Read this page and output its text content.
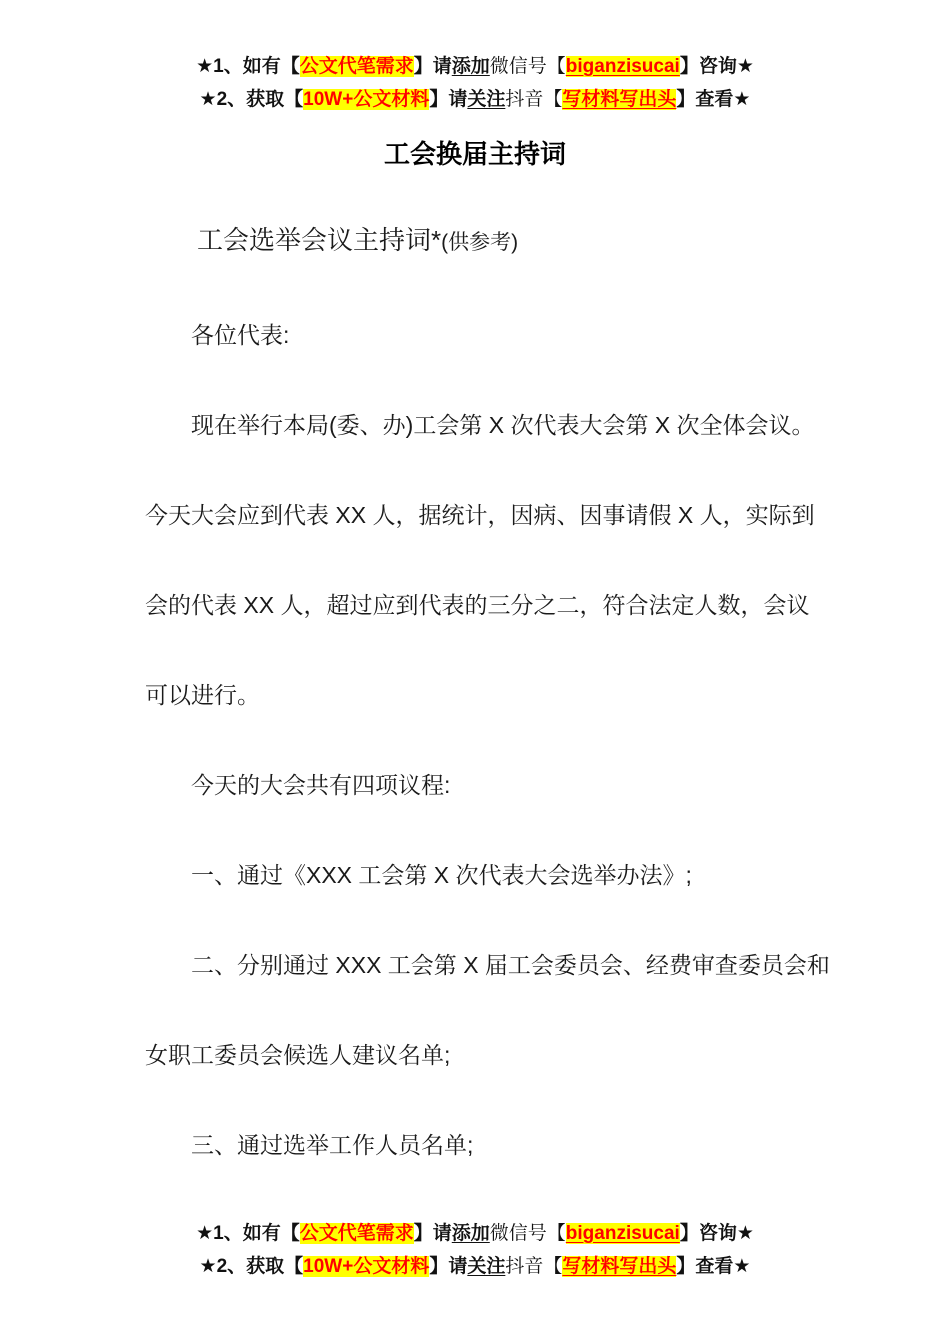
★1、如有【公文代笔需求】请添加微信号【biganzisucai】咨询★
★2、获取【10W+公文材料】请关注抖音【写材料写出头】查看★
工会换届主持词

工会选举会议主持词*(供参考)

各位代表:

现在举行本局(委、办)工会第 X 次代表大会第 X 次全体会议。

今天大会应到代表 XX 人，据统计，因病、因事请假 X 人，实际到

会的代表 XX 人，超过应到代表的三分之二，符合法定人数，会议

可以进行。

今天的大会共有四项议程:

一、通过《XXX 工会第 X 次代表大会选举办法》;

二、分别通过 XXX 工会第 X 届工会委员会、经费审查委员会和

女职工委员会候选人建议名单;

三、通过选举工作人员名单;

★1、如有【公文代笔需求】请添加微信号【biganzisucai】咨询★
★2、获取【10W+公文材料】请关注抖音【写材料写出头】查看★
